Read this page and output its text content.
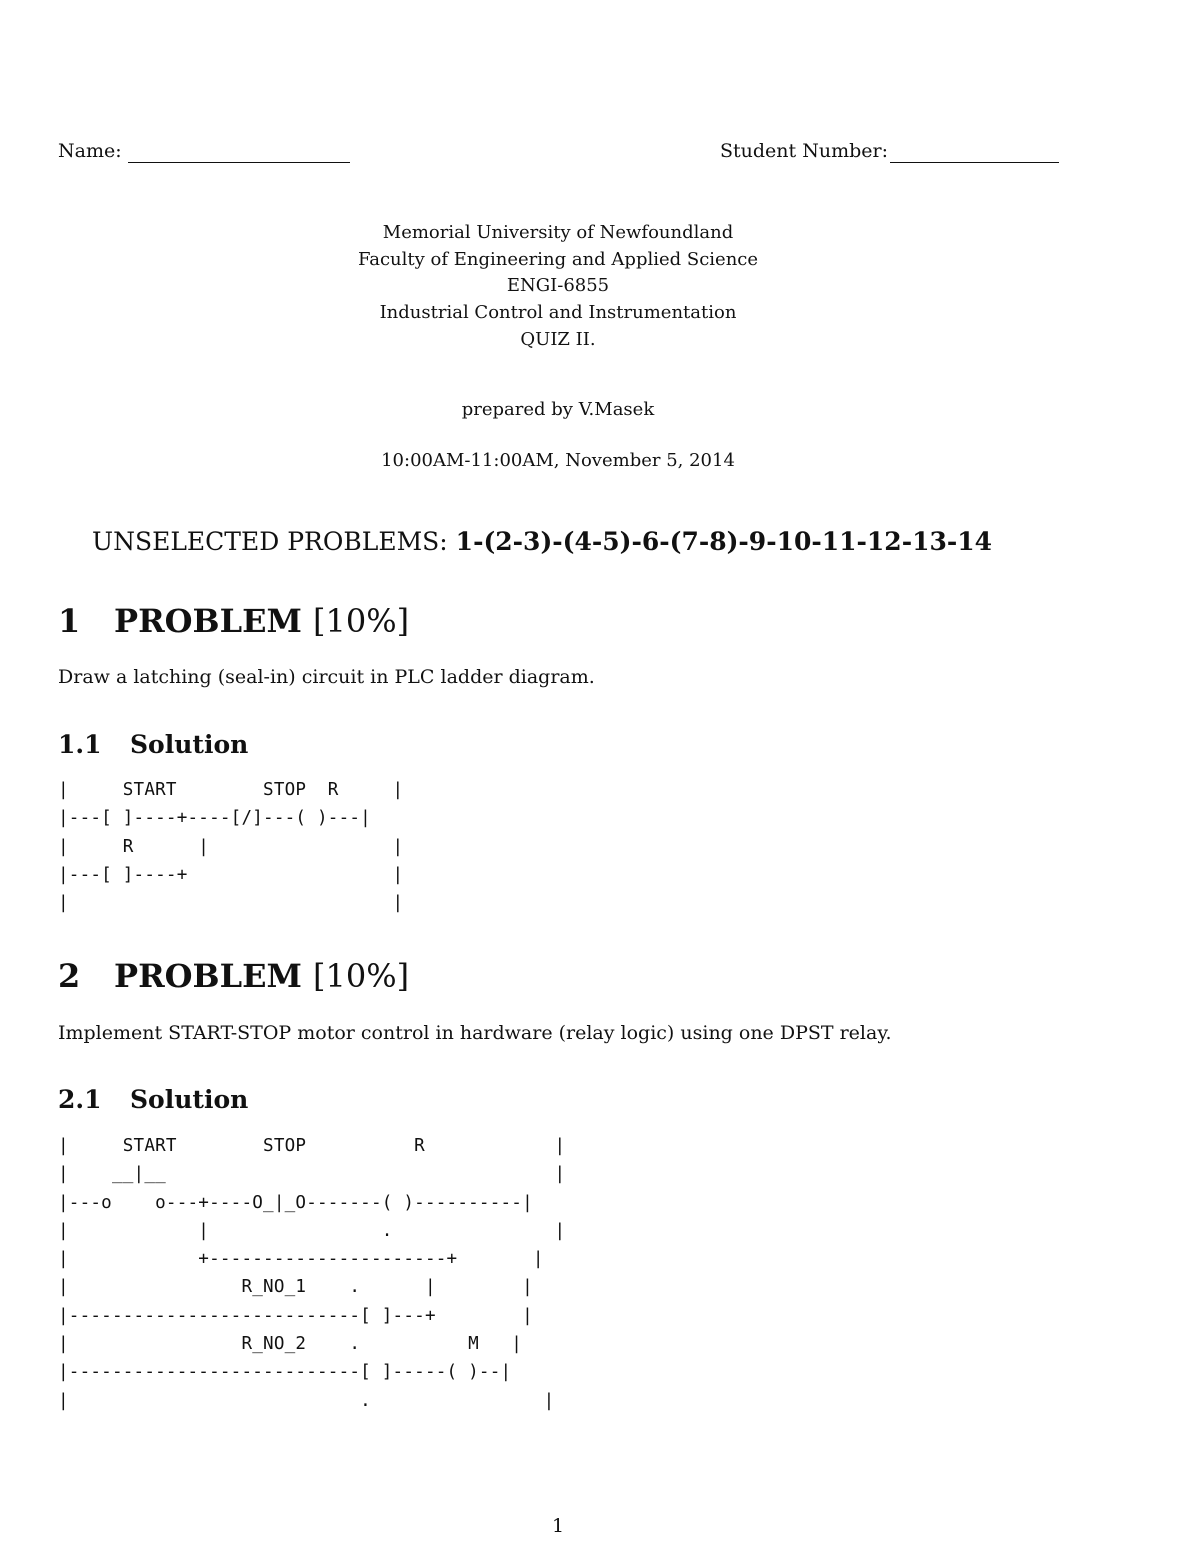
Name:	Student Number:
Memorial University of Newfoundland
Faculty of Engineering and Applied Science
ENGI-6855
Industrial Control and Instrumentation
QUIZ II.
prepared by V.Masek
10:00AM-11:00AM, November 5, 2014
UNSELECTED PROBLEMS: 1-(2-3)-(4-5)-6-(7-8)-9-10-11-12-13-14
1 PROBLEM [10%]
Draw a latching (seal-in) circuit in PLC ladder diagram.
1.1 Solution
|     START        STOP  R     |
|---[ ]----+----[/]---( )---|
|     R      |                 |
|---[ ]----+                   |
|                              |
2 PROBLEM [10%]
Implement START-STOP motor control in hardware (relay logic) using one DPST relay.
2.1 Solution
|     START        STOP          R            |
|    __|__                                    |
|---o    o---+----O_|_O-------( )----------|
|            |                .               |
|            +----------------------+       |
|                R_NO_1    .      |        |
|---------------------------[ ]---+        |
|                R_NO_2    .          M   |
|---------------------------[ ]-----( )--|
|                           .                |
1
